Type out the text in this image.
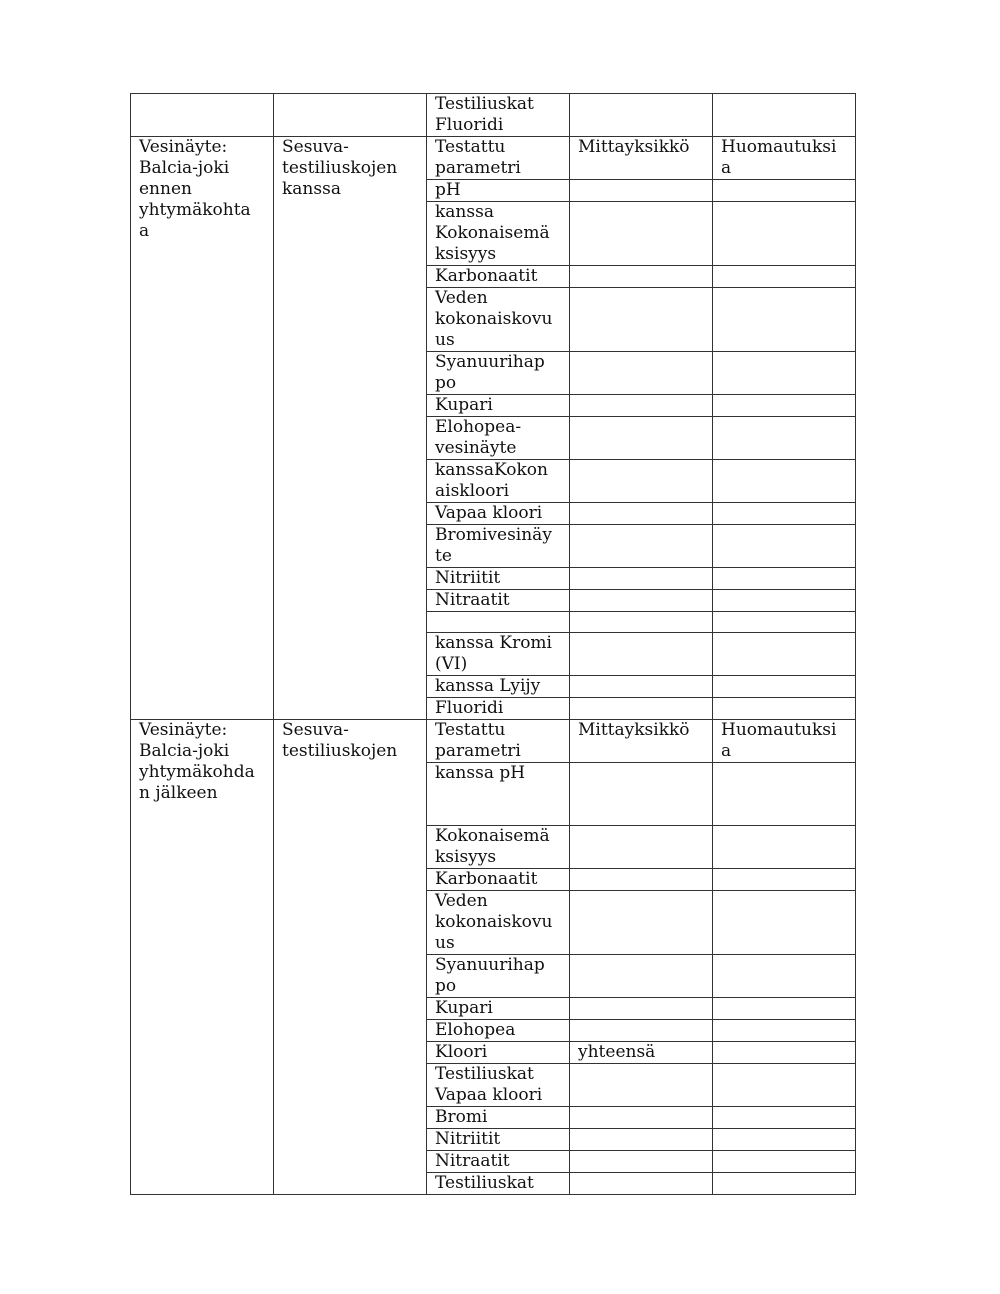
		Testiliuskat
Fluoridi		
Vesinäyte:
Balcia-joki
ennen
yhtymäkohta
a	Sesuva-
testiliuskojen
kanssa	Testattu
parametri	Mittayksikkö	Huomautuksi
a
		pH		
		kanssa
Kokonaisemä
ksisyys		
		Karbonaatit		
		Veden
kokonaiskovu
us		
		Syanuurihap
po		
		Kupari		
		Elohopea-
vesinäyte		
		kanssaKokon
aiskloori		
		Vapaa kloori		
		Bromivesinäy
te		
		Nitriitit		
		Nitraatit		

		kanssa Kromi
(VI)		
		kanssa Lyijy		
		Fluoridi		
Vesinäyte:
Balcia-joki
yhtymäkohda
n jälkeen	Sesuva-
testiliuskojen	Testattu
parametri	Mittayksikkö	Huomautuksi
a
		kanssa pH		
		Kokonaisemä
ksisyys		
		Karbonaatit		
		Veden
kokonaiskovu
us		
		Syanuurihap
po		
		Kupari		
		Elohopea		
		Kloori	yhteensä	
		Testiliuskat
Vapaa kloori		
		Bromi		
		Nitriitit		
		Nitraatit		
		Testiliuskat		
